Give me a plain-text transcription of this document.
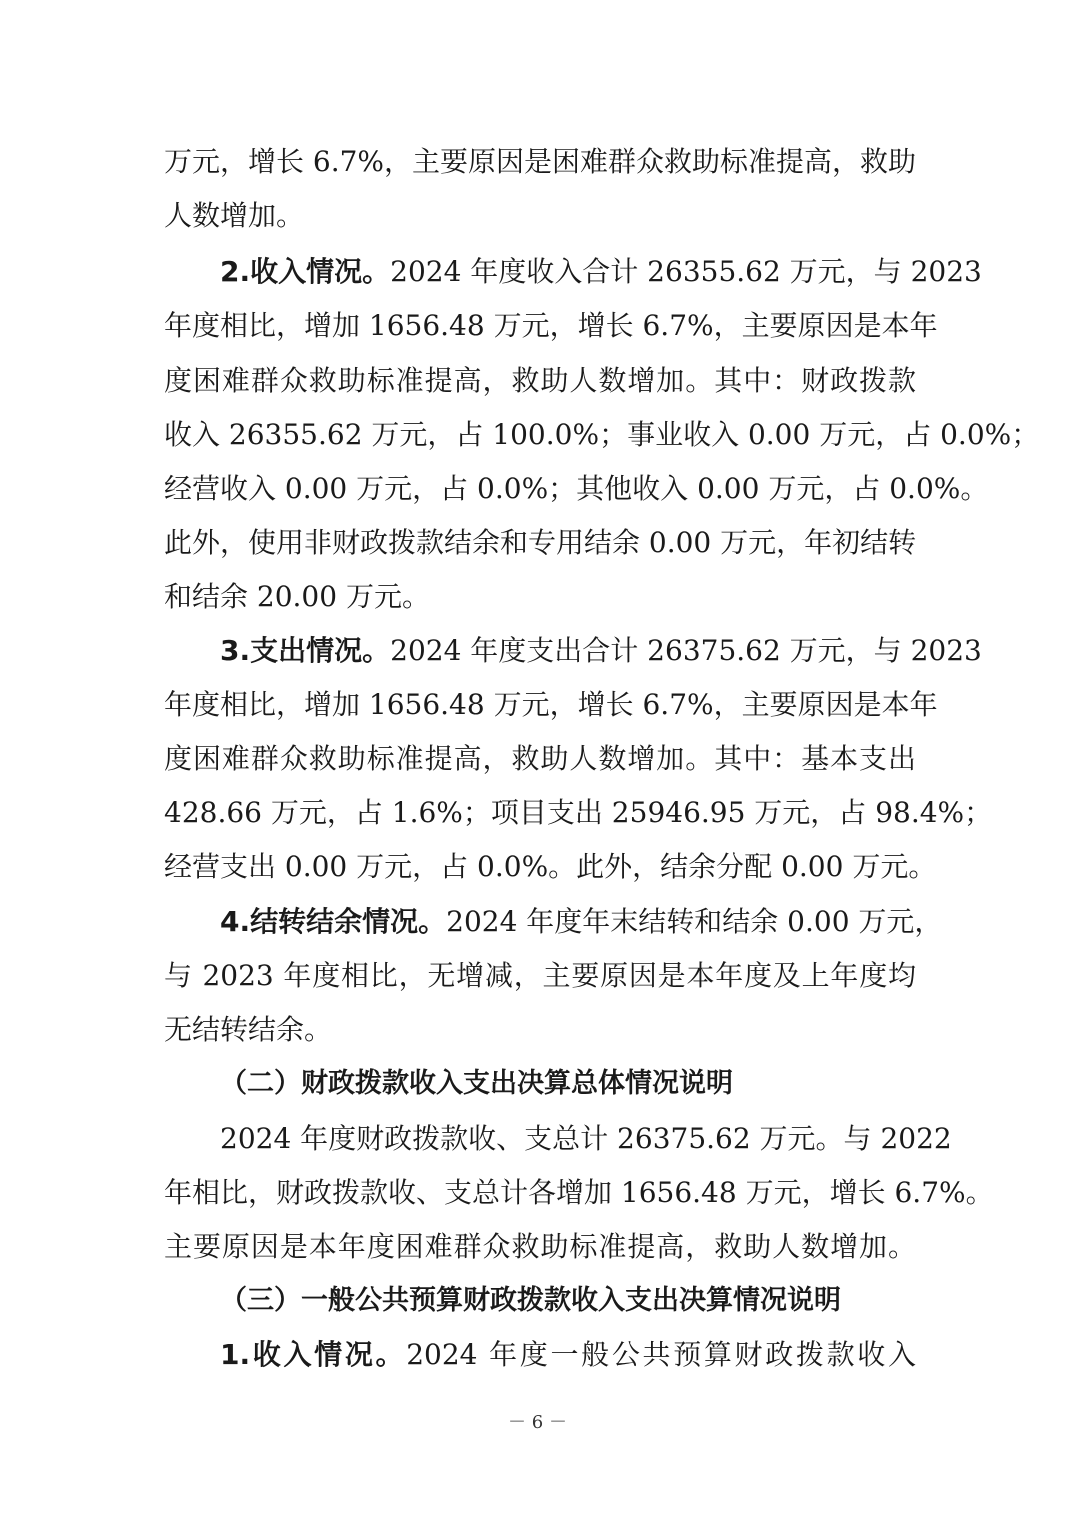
万元，增长 6.7%，主要原因是困难群众救助标准提高，救助
人数增加。
2.收入情况。2024 年度收入合计 26355.62 万元，与 2023
年度相比，增加 1656.48 万元，增长 6.7%，主要原因是本年
度困难群众救助标准提高，救助人数增加。其中：财政拨款
收入 26355.62 万元，占 100.0%；事业收入 0.00 万元，占 0.0%；
经营收入 0.00 万元，占 0.0%；其他收入 0.00 万元，占 0.0%。
此外，使用非财政拨款结余和专用结余 0.00 万元，年初结转
和结余 20.00 万元。
3.支出情况。2024 年度支出合计 26375.62 万元，与 2023
年度相比，增加 1656.48 万元，增长 6.7%，主要原因是本年
度困难群众救助标准提高，救助人数增加。其中：基本支出
428.66 万元，占 1.6%；项目支出 25946.95 万元，占 98.4%；
经营支出 0.00 万元，占 0.0%。此外，结余分配 0.00 万元。
4.结转结余情况。2024 年度年末结转和结余 0.00 万元，
与 2023 年度相比，无增减，主要原因是本年度及上年度均
无结转结余。
（二）财政拨款收入支出决算总体情况说明
2024 年度财政拨款收、支总计 26375.62 万元。与 2022
年相比，财政拨款收、支总计各增加 1656.48 万元，增长 6.7%。
主要原因是本年度困难群众救助标准提高，救助人数增加。
（三）一般公共预算财政拨款收入支出决算情况说明
1.收入情况。2024 年度一般公共预算财政拨款收入
－ 6 －
